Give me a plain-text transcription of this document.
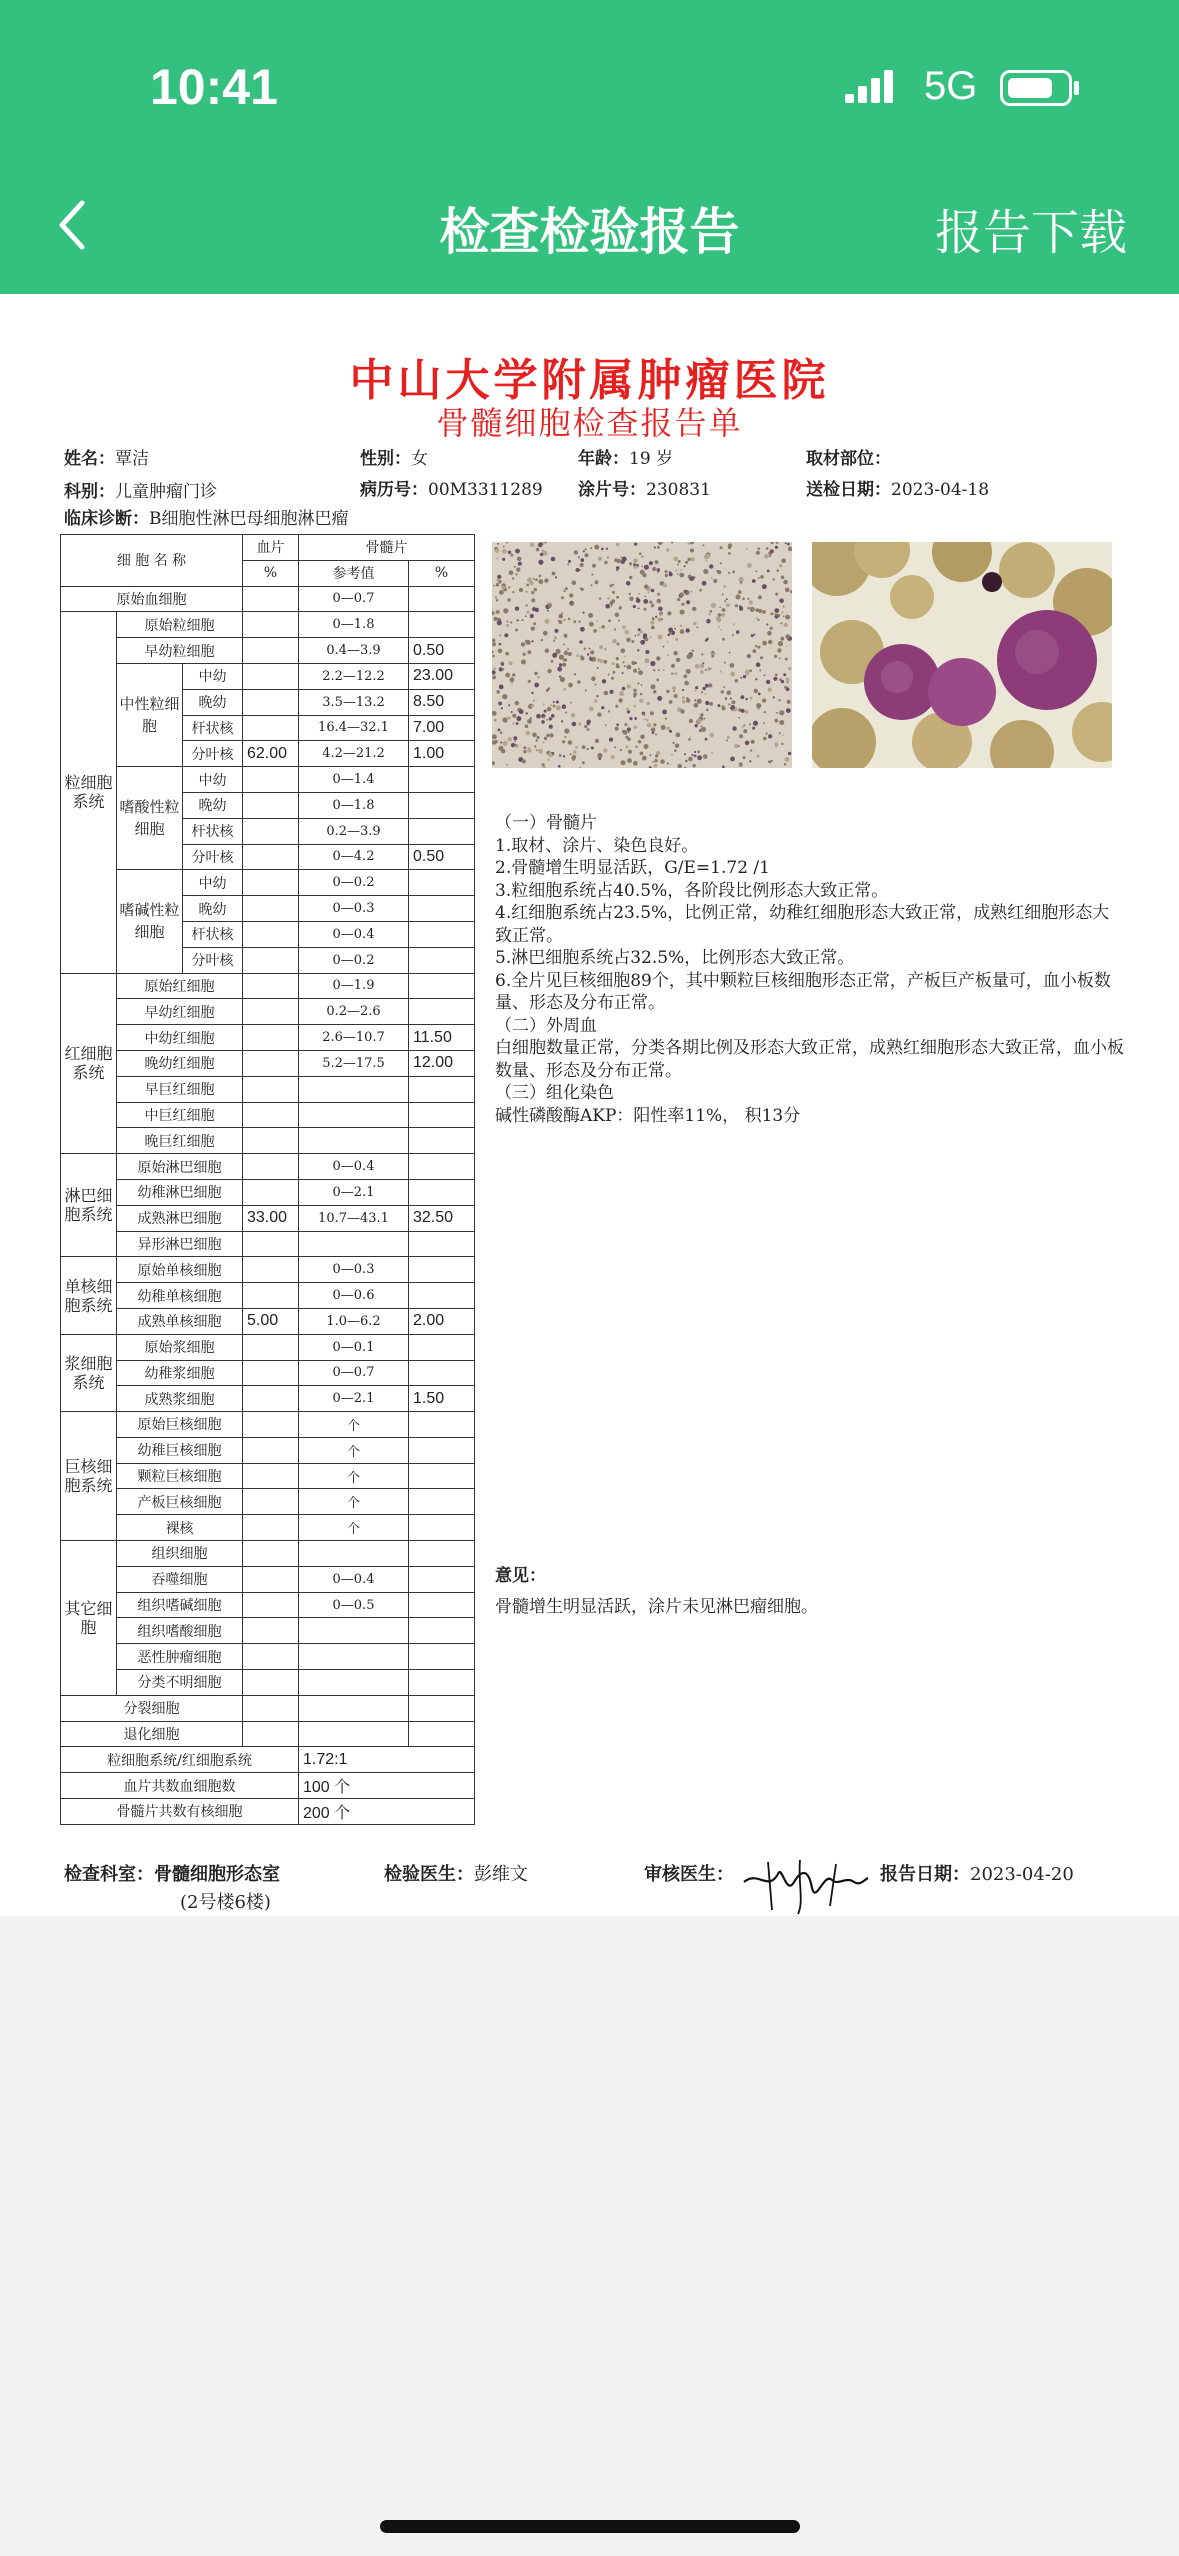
10:41	5G
检查检验报告	报告下载
中山大学附属肿瘤医院
骨髓细胞检查报告单
姓名：覃洁	性别：女	年龄：19 岁	取材部位：
科别：儿童肿瘤门诊	病历号：00M3311289 涂片号：230831	送检日期：2023-04-18
临床诊断：B细胞性淋巴母细胞淋巴瘤
细 胞 名 称			血片	骨髓片	
			%	参考值	%
原始血细胞				0—0.7	
粒细胞系统	原始粒细胞			0—1.8	
	早幼粒细胞			0.4—3.9	0.50
	中性粒细胞	中幼		2.2—12.2	23.00
		晚幼		3.5—13.2	8.50
		杆状核		16.4—32.1	7.00
		分叶核	62.00	4.2—21.2	1.00
	嗜酸性粒细胞	中幼		0—1.4	
		晚幼		0—1.8	
		杆状核		0.2—3.9	
		分叶核		0—4.2	0.50
	嗜碱性粒细胞	中幼		0—0.2	
		晚幼		0—0.3	
		杆状核		0—0.4	
		分叶核		0—0.2	
红细胞系统	原始红细胞			0—1.9	
	早幼红细胞			0.2—2.6	
	中幼红细胞			2.6—10.7	11.50
	晚幼红细胞			5.2—17.5	12.00
	早巨红细胞				
	中巨红细胞				
	晚巨红细胞				
淋巴细胞系统	原始淋巴细胞			0—0.4	
	幼稚淋巴细胞			0—2.1	
	成熟淋巴细胞		33.00	10.7—43.1	32.50
	异形淋巴细胞				
单核细胞系统	原始单核细胞			0—0.3	
	幼稚单核细胞			0—0.6	
	成熟单核细胞		5.00	1.0—6.2	2.00
浆细胞系统	原始浆细胞			0—0.1	
	幼稚浆细胞			0—0.7	
	成熟浆细胞			0—2.1	1.50
巨核细胞系统	原始巨核细胞			个	
	幼稚巨核细胞			个	
	颗粒巨核细胞			个	
	产板巨核细胞			个	
	裸核			个	
其它细胞	组织细胞				
	吞噬细胞			0—0.4	
	组织嗜碱细胞			0—0.5	
	组织嗜酸细胞				
	恶性肿瘤细胞				
	分类不明细胞				
分裂细胞					
退化细胞					
粒细胞系统/红细胞系统				1.72:1	
血片共数血细胞数				100 个	
骨髓片共数有核细胞				200 个	
（一）骨髓片
1.取材、涂片、染色良好。
2.骨髓增生明显活跃，G/E=1.72 /1
3.粒细胞系统占40.5%，各阶段比例形态大致正常。
4.红细胞系统占23.5%，比例正常，幼稚红细胞形态大致正常，成熟红细胞形态大致正常。
5.淋巴细胞系统占32.5%，比例形态大致正常。
6.全片见巨核细胞89个，其中颗粒巨核细胞形态正常，产板巨产板量可，血小板数量、形态及分布正常。
（二）外周血
白细胞数量正常，分类各期比例及形态大致正常，成熟红细胞形态大致正常，血小板数量、形态及分布正常。
（三）组化染色
碱性磷酸酶AKP：阳性率11%， 积13分
意见：
骨髓增生明显活跃，涂片未见淋巴瘤细胞。
检查科室：骨髓细胞形态室
(2号楼6楼)
检验医生：彭维文	审核医生：	报告日期：2023-04-20
